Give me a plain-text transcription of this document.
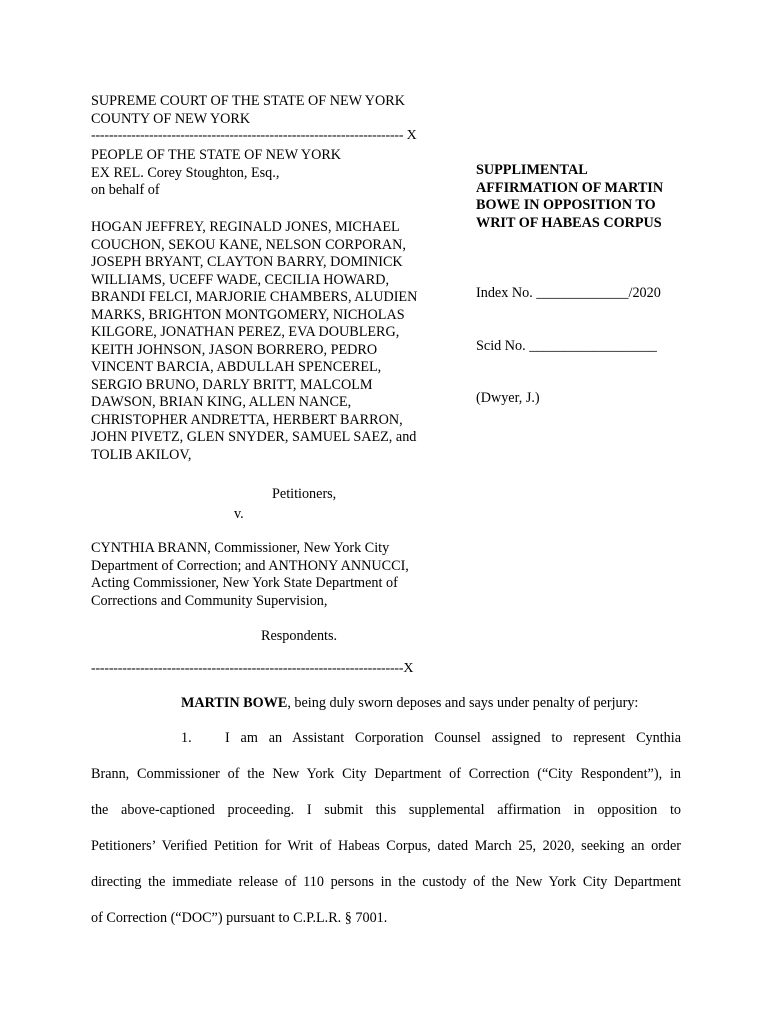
SUPREME COURT OF THE STATE OF NEW YORK
COUNTY OF NEW YORK
---------------------------------------------------------------------- X
PEOPLE OF THE STATE OF NEW YORK
EX REL. Corey Stoughton, Esq.,
on behalf of
HOGAN JEFFREY, REGINALD JONES, MICHAEL
COUCHON, SEKOU KANE, NELSON CORPORAN,
JOSEPH BRYANT, CLAYTON BARRY, DOMINICK
WILLIAMS, UCEFF WADE, CECILIA HOWARD,
BRANDI FELCI, MARJORIE CHAMBERS, ALUDIEN
MARKS, BRIGHTON MONTGOMERY, NICHOLAS
KILGORE, JONATHAN PEREZ, EVA DOUBLERG,
KEITH JOHNSON, JASON BORRERO, PEDRO
VINCENT BARCIA, ABDULLAH SPENCEREL,
SERGIO BRUNO, DARLY BRITT, MALCOLM
DAWSON, BRIAN KING, ALLEN NANCE,
CHRISTOPHER ANDRETTA, HERBERT BARRON,
JOHN PIVETZ, GLEN SNYDER, SAMUEL SAEZ, and
TOLIB AKILOV,
SUPPLIMENTAL
AFFIRMATION OF MARTIN
BOWE IN OPPOSITION TO
WRIT OF HABEAS CORPUS

Index No. _____________/2020

Scid No. __________________

(Dwyer, J.)

Petitioners,
v.
CYNTHIA BRANN, Commissioner, New York City
Department of Correction; and ANTHONY ANNUCCI,
Acting Commissioner, New York State Department of
Corrections and Community Supervision,
Respondents.
----------------------------------------------------------------------X
MARTIN BOWE, being duly sworn deposes and says under penalty of perjury:
1. I am an Assistant Corporation Counsel assigned to represent Cynthia
Brann, Commissioner of the New York City Department of Correction (“City Respondent”), in
the above-captioned proceeding. I submit this supplemental affirmation in opposition to
Petitioners’ Verified Petition for Writ of Habeas Corpus, dated March 25, 2020, seeking an order
directing the immediate release of 110 persons in the custody of the New York City Department
of Correction (“DOC”) pursuant to C.P.L.R. § 7001.
